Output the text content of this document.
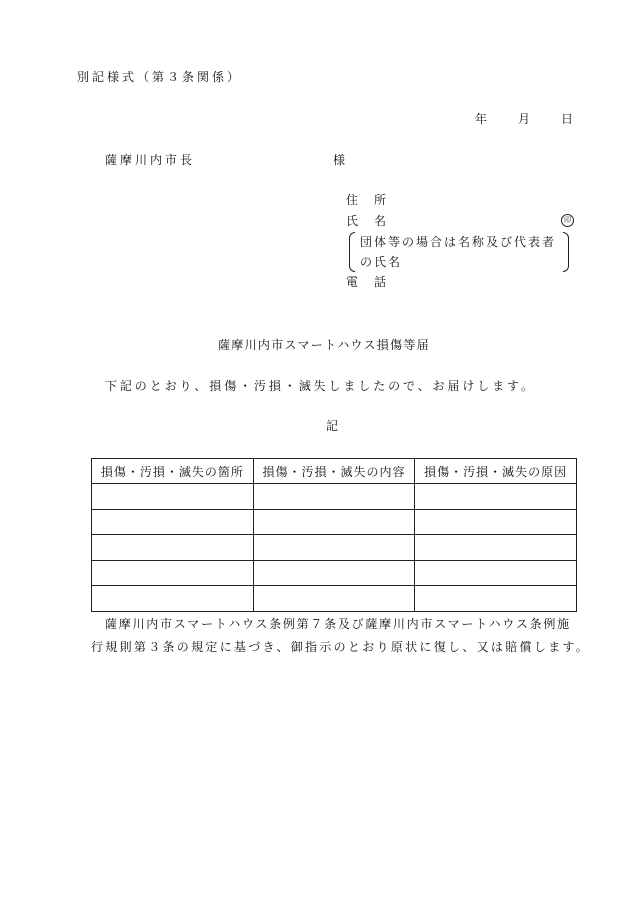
別記様式（第３条関係）
年	月	日
薩摩川内市長	様
住　所
氏　名	印
団体等の場合は名称及び代表者
の氏名
電　話
薩摩川内市スマートハウス損傷等届
下記のとおり、損傷・汚損・滅失しましたので、お届けします。
記
損傷・汚損・滅失の箇所	損傷・汚損・滅失の内容	損傷・汚損・滅失の原因

薩摩川内市スマートハウス条例第７条及び薩摩川内市スマートハウス条例施
行規則第３条の規定に基づき、御指示のとおり原状に復し、又は賠償します。
